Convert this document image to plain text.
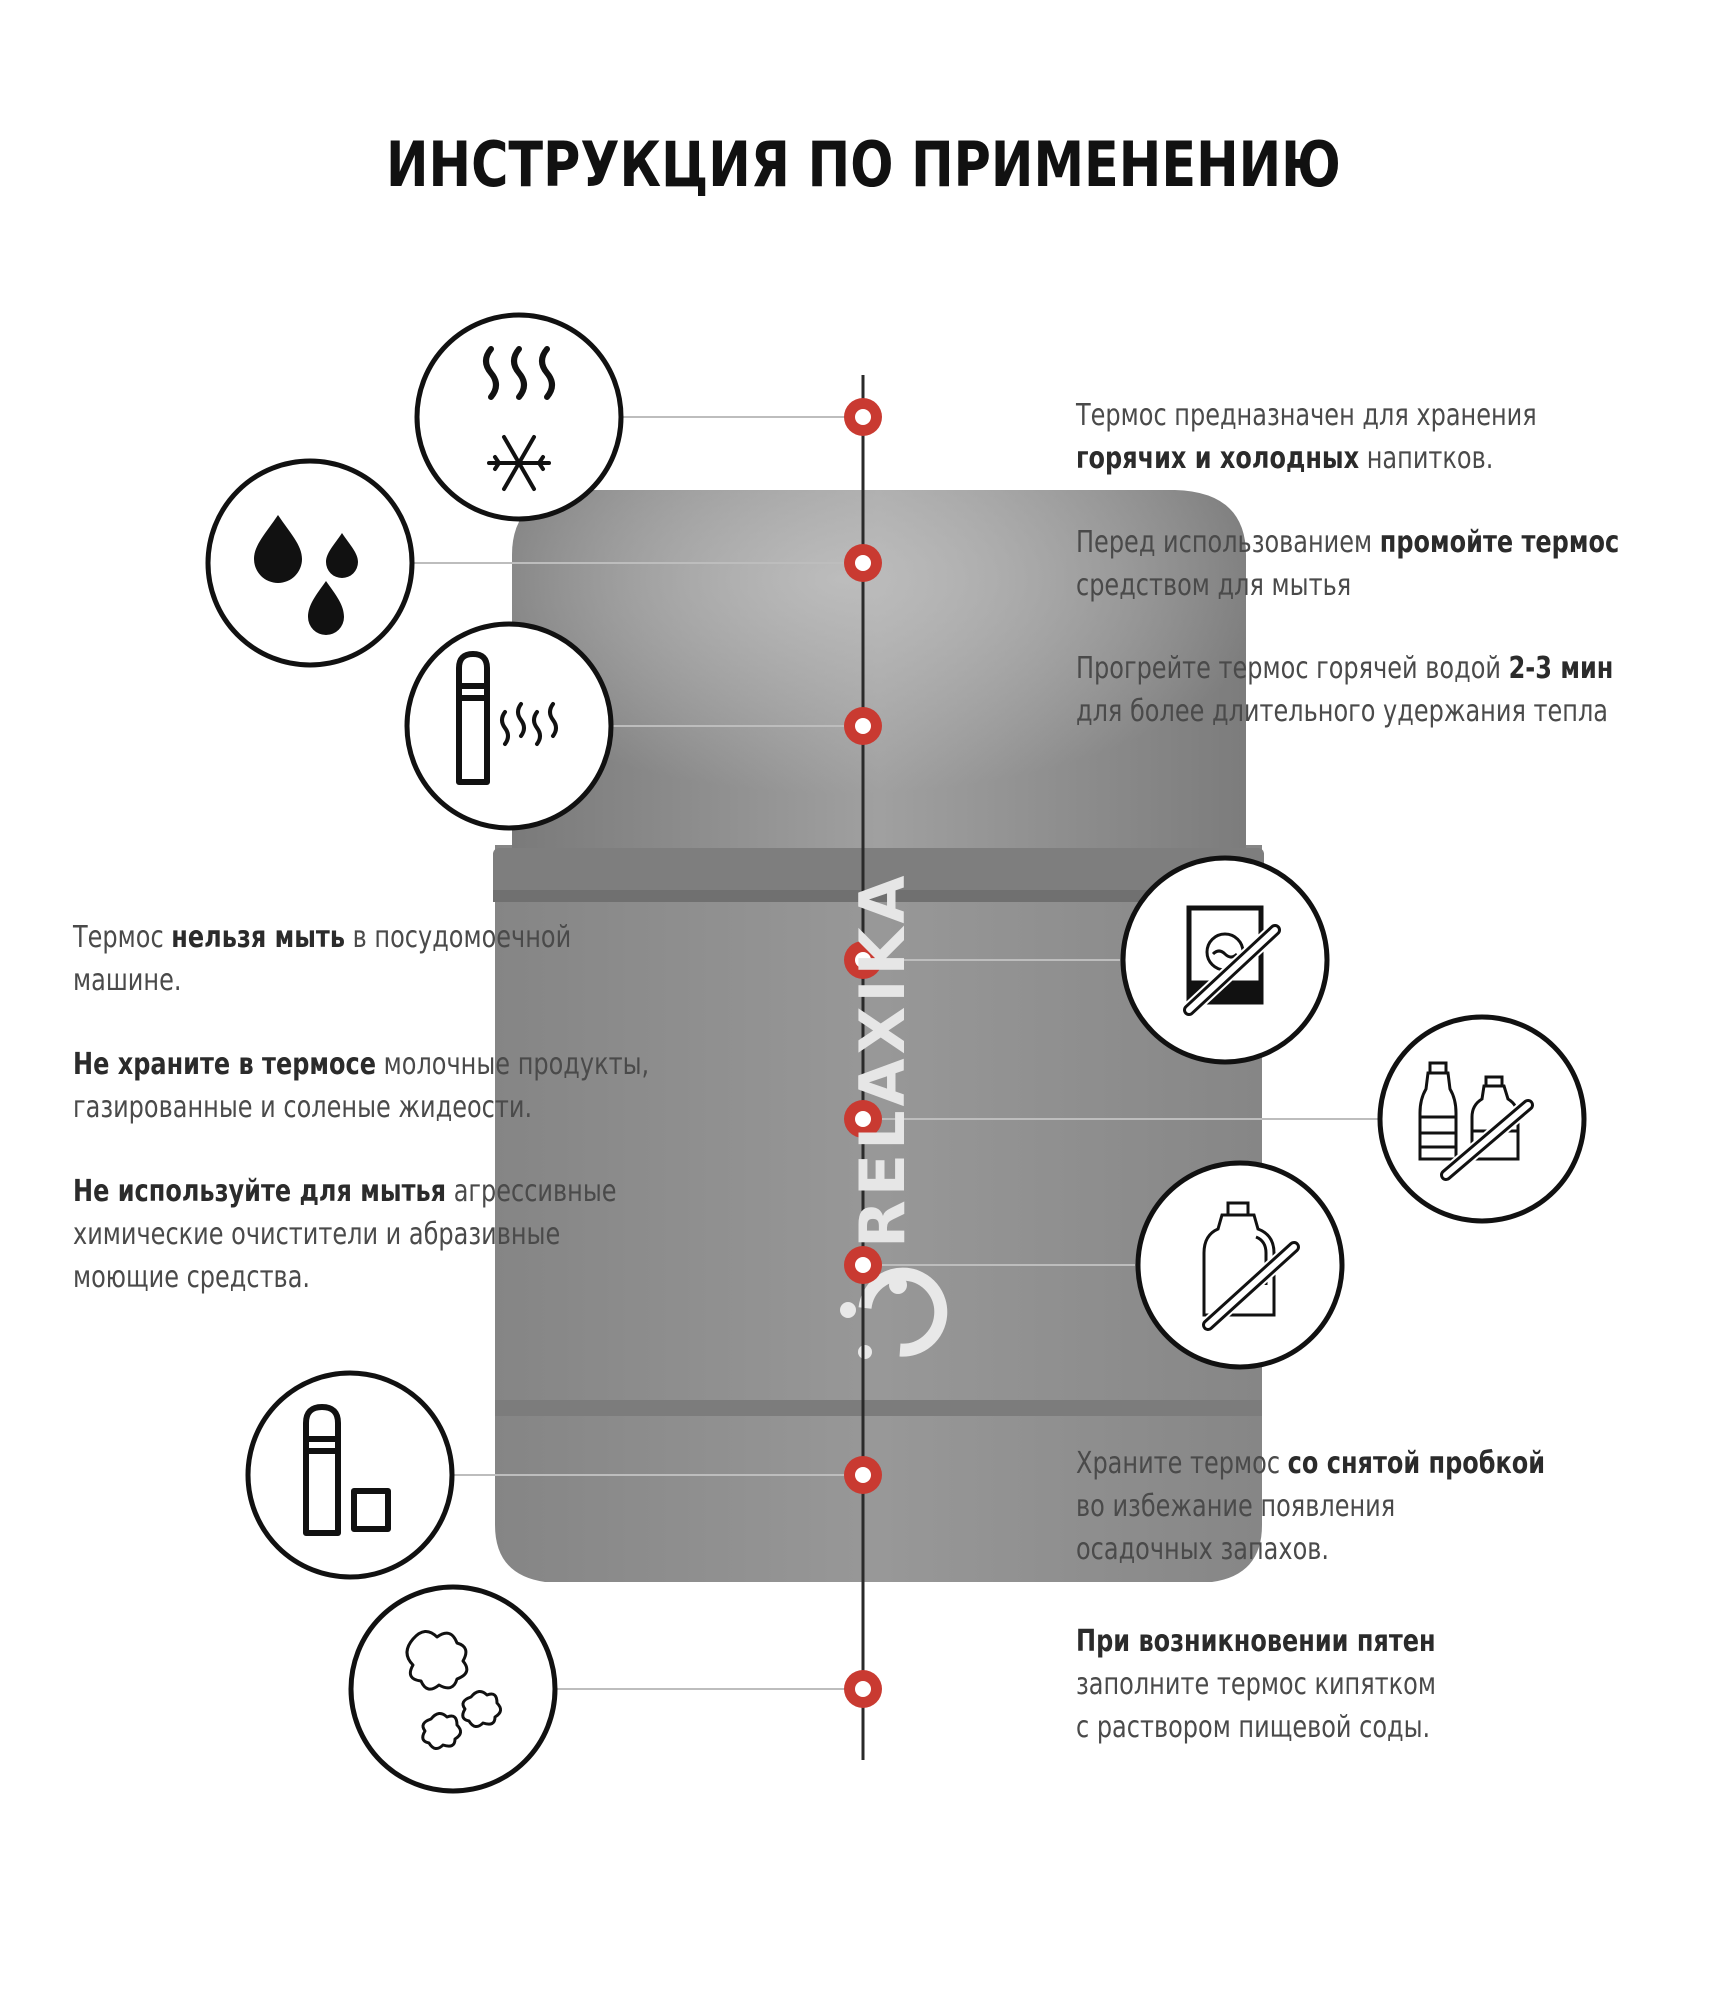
RELAXIKA
ИНСТРУКЦИЯ ПО ПРИМЕНЕНИЮ
Термос предназначен для хранения
горячих и холодных напитков.
Перед использованием промойте термос
средством для мытья
Прогрейте термос горячей водой 2-3 мин
для более длительного удержания тепла
Храните термос со снятой пробкой
во избежание появления
осадочных запахов.
При возникновении пятен
заполните термос кипятком
с раствором пищевой соды.
Термос нельзя мыть в посудомоечной
машине.
Не храните в термосе молочные продукты,
газированные и соленые жидеости.
Не используйте для мытья агрессивные
химические очистители и абразивные
моющие средства.
